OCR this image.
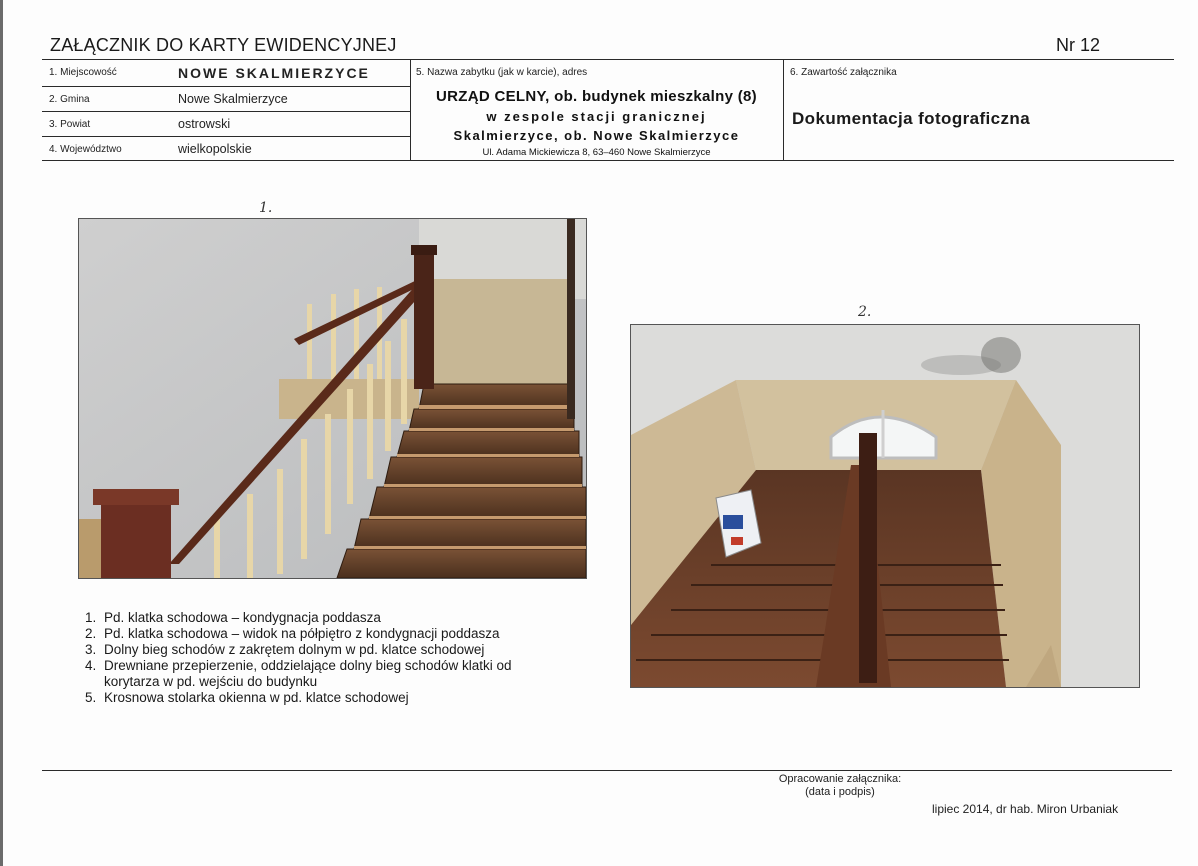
ZAŁĄCZNIK DO KARTY EWIDENCYJNEJ	Nr 12
1. Miejscowość	NOWE SKALMIERZYCE
2. Gmina	Nowe Skalmierzyce
3. Powiat	ostrowski
4. Województwo	wielkopolskie
5. Nazwa zabytku (jak w karcie), adres
URZĄD CELNY, ob. budynek mieszkalny (8)
w zespole stacji granicznej
Skalmierzyce, ob. Nowe Skalmierzyce
Ul. Adama Mickiewicza 8, 63–460 Nowe Skalmierzyce
6. Zawartość załącznika
Dokumentacja fotograficzna
1.
2.
1. Pd. klatka schodowa – kondygnacja poddasza
2. Pd. klatka schodowa – widok na półpiętro z kondygnacji poddasza
3. Dolny bieg schodów z zakrętem dolnym w pd. klatce schodowej
4. Drewniane przepierzenie, oddzielające dolny bieg schodów klatki od korytarza w pd. wejściu do budynku
5. Krosnowa stolarka okienna w pd. klatce schodowej
Opracowanie załącznika:
(data i podpis)
lipiec 2014, dr hab. Miron Urbaniak
